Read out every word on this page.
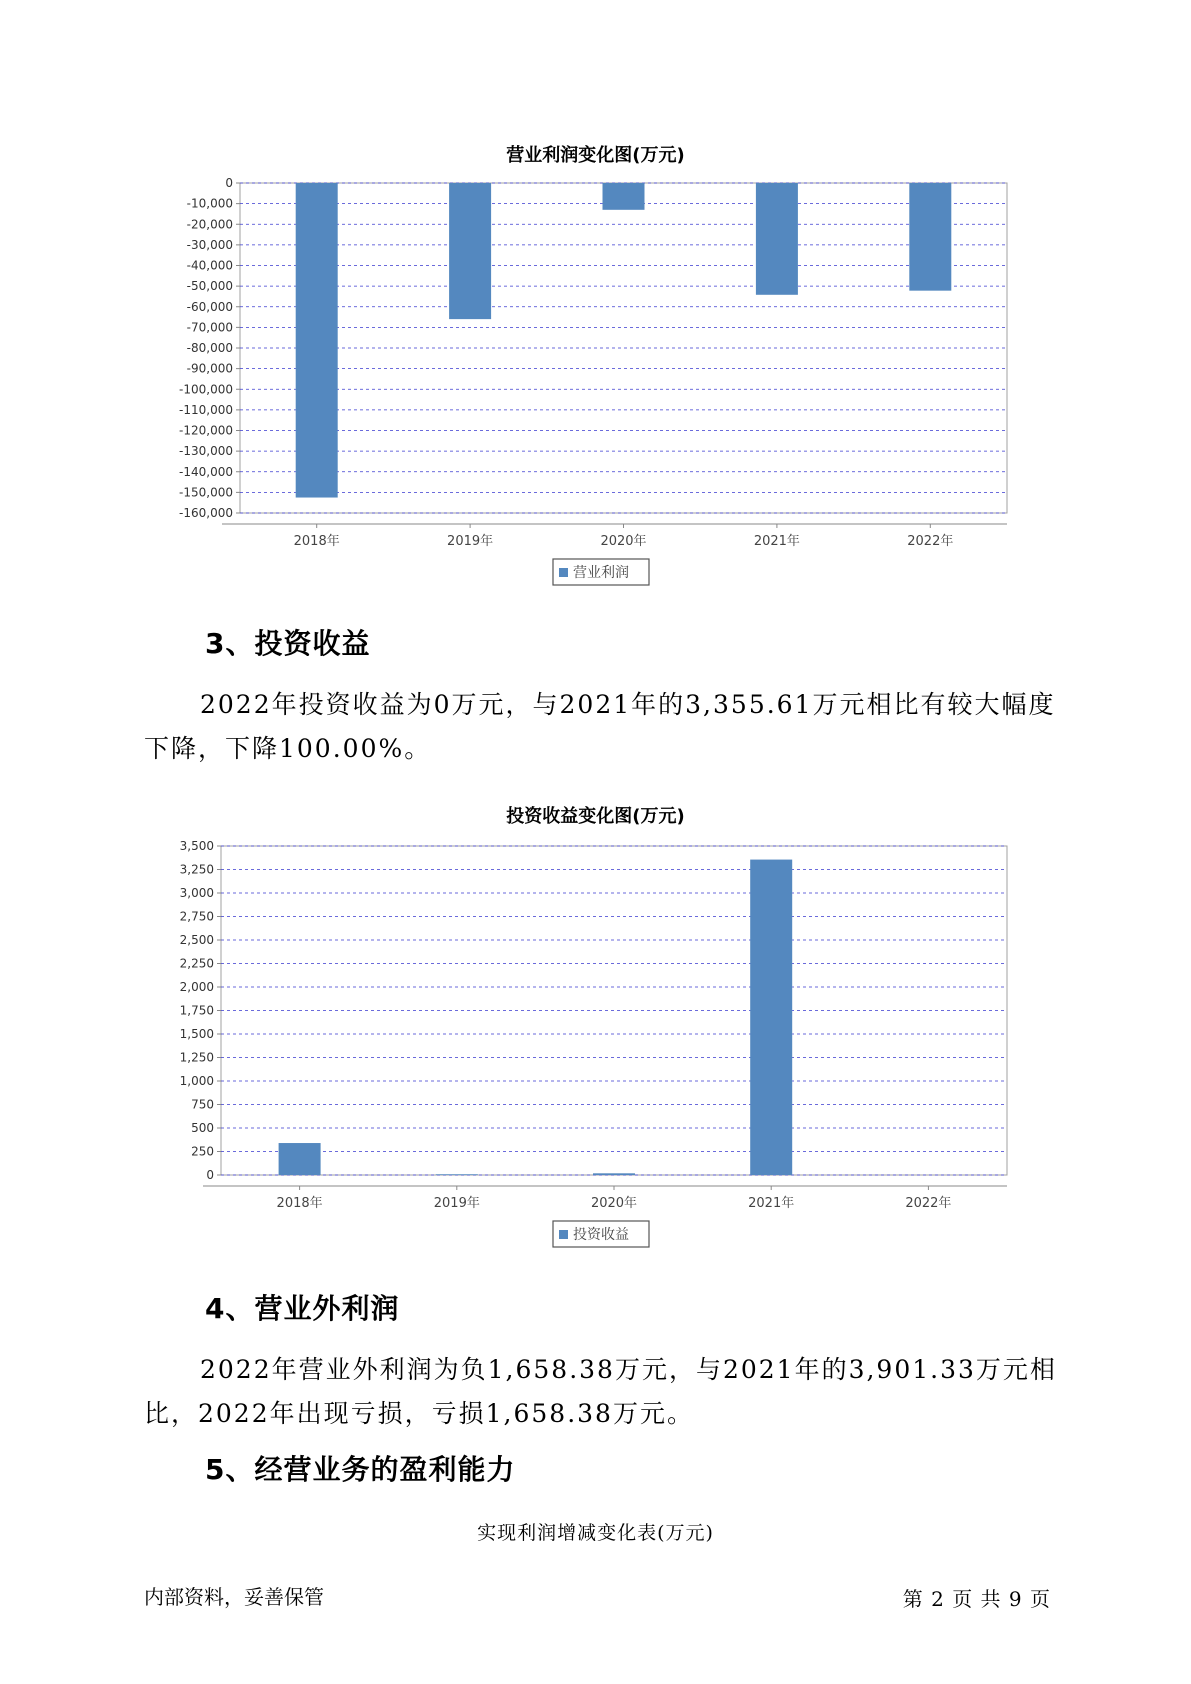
营业利润变化图(万元)
0
-10,000
-20,000
-30,000
-40,000
-50,000
-60,000
-70,000
-80,000
-90,000
-100,000
-110,000
-120,000
-130,000
-140,000
-150,000
-160,000
2018年	2019年	2020年	2021年	2022年
营业利润
3、投资收益
2022年投资收益为0万元，与2021年的3,355.61万元相比有较大幅度下降，下降100.00%。
投资收益变化图(万元)
0
250
500
750
1,000
1,250
1,500
1,750
2,000
2,250
2,500
2,750
3,000
3,250
3,500
2018年	2019年	2020年	2021年	2022年
投资收益
4、营业外利润
2022年营业外利润为负1,658.38万元，与2021年的3,901.33万元相比，2022年出现亏损，亏损1,658.38万元。
5、经营业务的盈利能力
实现利润增减变化表(万元)
内部资料，妥善保管	第 2 页 共 9 页
